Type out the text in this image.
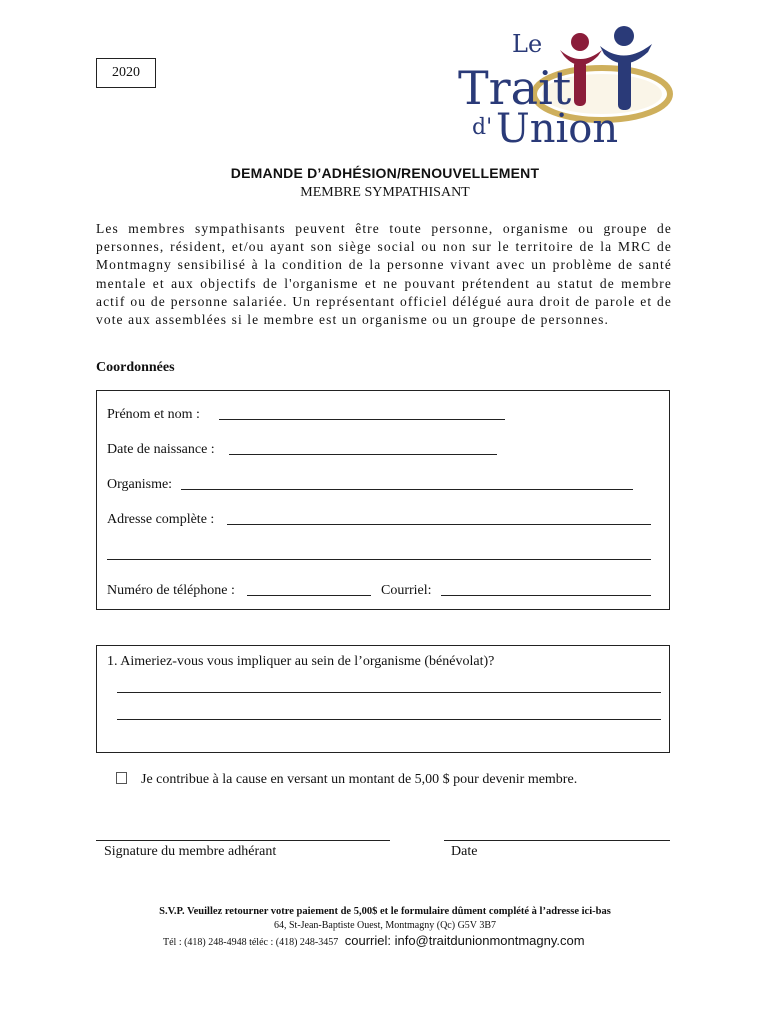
2020
Le
Trait
d' Union
DEMANDE D’ADHÉSION/RENOUVELLEMENT
MEMBRE SYMPATHISANT

Les membres sympathisants peuvent être toute personne, organisme ou groupe de personnes, résident, et/ou ayant son siège social ou non sur le territoire de la MRC de Montmagny sensibilisé à la condition de la personne vivant avec un problème de santé mentale et aux objectifs de l'organisme et ne pouvant prétendent au statut de membre actif ou de personne salariée. Un représentant officiel délégué aura droit de parole et de vote aux assemblées si le membre est un organisme ou un groupe de personnes.

Coordonnées
Prénom et nom :
Date de naissance :
Organisme:
Adresse complète :
Numéro de téléphone :	Courriel:
1. Aimeriez-vous vous impliquer au sein de l’organisme (bénévolat)?
Je contribue à la cause en versant un montant de 5,00 $ pour devenir membre.
Signature du membre adhérant	Date
S.V.P. Veuillez retourner votre paiement de 5,00$ et le formulaire dûment complété à l’adresse ici-bas
64, St-Jean-Baptiste Ouest, Montmagny (Qc) G5V 3B7
Tél : (418) 248-4948 téléc : (418) 248-3457 courriel: info@traitdunionmontmagny.com
